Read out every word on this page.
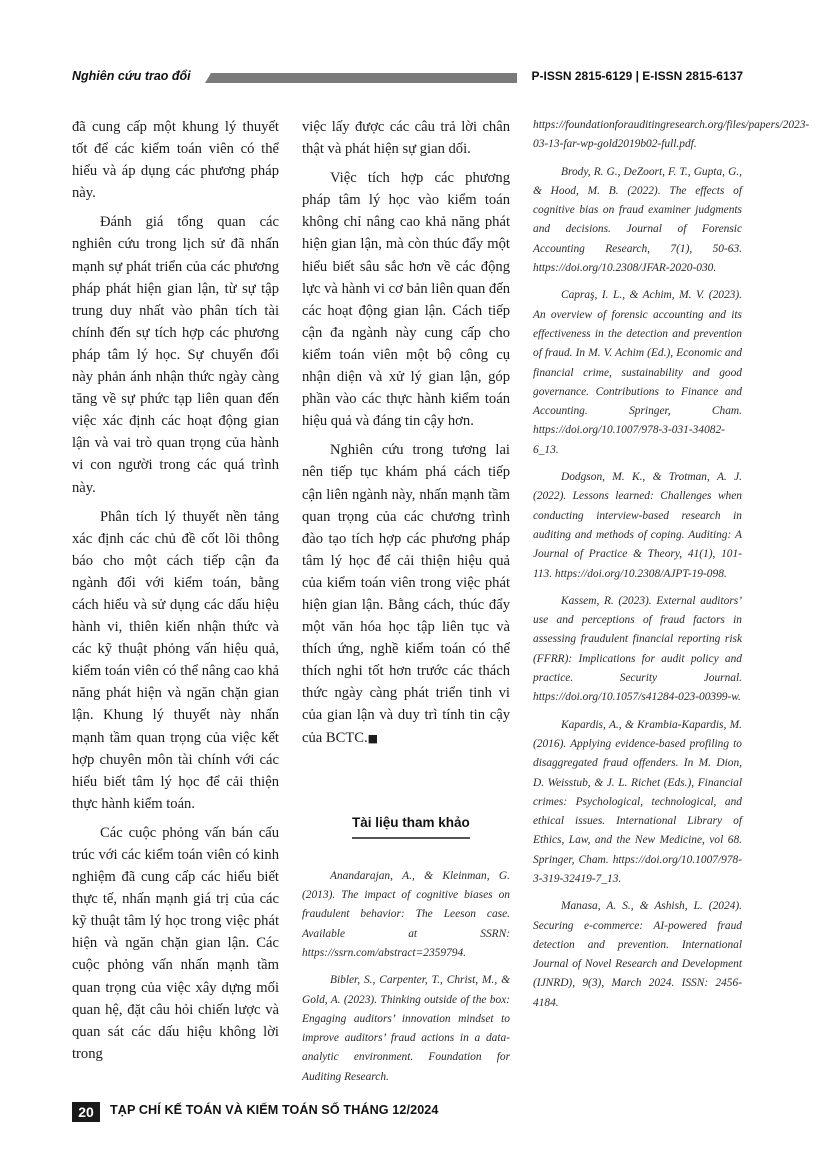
Nghiên cứu trao đổi	P-ISSN 2815-6129 | E-ISSN 2815-6137

đã cung cấp một khung lý thuyết tốt để các kiểm toán viên có thể hiểu và áp dụng các phương pháp này.

Đánh giá tổng quan các nghiên cứu trong lịch sử đã nhấn mạnh sự phát triển của các phương pháp phát hiện gian lận, từ sự tập trung duy nhất vào phân tích tài chính đến sự tích hợp các phương pháp tâm lý học. Sự chuyển đổi này phản ánh nhận thức ngày càng tăng về sự phức tạp liên quan đến việc xác định các hoạt động gian lận và vai trò quan trọng của hành vi con người trong các quá trình này.

Phân tích lý thuyết nền tảng xác định các chủ đề cốt lõi thông báo cho một cách tiếp cận đa ngành đối với kiểm toán, bằng cách hiểu và sử dụng các dấu hiệu hành vi, thiên kiến nhận thức và các kỹ thuật phỏng vấn hiệu quả, kiểm toán viên có thể nâng cao khả năng phát hiện và ngăn chặn gian lận. Khung lý thuyết này nhấn mạnh tầm quan trọng của việc kết hợp chuyên môn tài chính với các hiểu biết tâm lý học để cải thiện thực hành kiểm toán.

Các cuộc phỏng vấn bán cấu trúc với các kiểm toán viên có kinh nghiệm đã cung cấp các hiểu biết thực tế, nhấn mạnh giá trị của các kỹ thuật tâm lý học trong việc phát hiện và ngăn chặn gian lận. Các cuộc phỏng vấn nhấn mạnh tầm quan trọng của việc xây dựng mối quan hệ, đặt câu hỏi chiến lược và quan sát các dấu hiệu không lời trong

việc lấy được các câu trả lời chân thật và phát hiện sự gian dối.

Việc tích hợp các phương pháp tâm lý học vào kiểm toán không chỉ nâng cao khả năng phát hiện gian lận, mà còn thúc đẩy một hiểu biết sâu sắc hơn về các động lực và hành vi cơ bản liên quan đến các hoạt động gian lận. Cách tiếp cận đa ngành này cung cấp cho kiểm toán viên một bộ công cụ nhận diện và xử lý gian lận, góp phần vào các thực hành kiểm toán hiệu quả và đáng tin cậy hơn.

Nghiên cứu trong tương lai nên tiếp tục khám phá cách tiếp cận liên ngành này, nhấn mạnh tầm quan trọng của các chương trình đào tạo tích hợp các phương pháp tâm lý học để cải thiện hiệu quả của kiểm toán viên trong việc phát hiện gian lận. Bằng cách, thúc đẩy một văn hóa học tập liên tục và thích ứng, nghề kiểm toán có thể thích nghi tốt hơn trước các thách thức ngày càng phát triển tinh vi của gian lận và duy trì tính tin cậy của BCTC.■

Tài liệu tham khảo

Anandarajan, A., & Kleinman, G. (2013). The impact of cognitive biases on fraudulent behavior: The Leeson case. Available at SSRN: https://ssrn.com/abstract=2359794.

Bibler, S., Carpenter, T., Christ, M., & Gold, A. (2023). Thinking outside of the box: Engaging auditors’ innovation mindset to improve auditors’ fraud actions in a data-analytic environment. Foundation for Auditing Research.

https://foundationforauditingresearch.org/files/papers/2023-03-13-far-wp-gold2019b02-full.pdf.

Brody, R. G., DeZoort, F. T., Gupta, G., & Hood, M. B. (2022). The effects of cognitive bias on fraud examiner judgments and decisions. Journal of Forensic Accounting Research, 7(1), 50-63. https://doi.org/10.2308/JFAR-2020-030.

Capraş, I. L., & Achim, M. V. (2023). An overview of forensic accounting and its effectiveness in the detection and prevention of fraud. In M. V. Achim (Ed.), Economic and financial crime, sustainability and good governance. Contributions to Finance and Accounting. Springer, Cham. https://doi.org/10.1007/978-3-031-34082-6_13.

Dodgson, M. K., & Trotman, A. J. (2022). Lessons learned: Challenges when conducting interview-based research in auditing and methods of coping. Auditing: A Journal of Practice & Theory, 41(1), 101-113. https://doi.org/10.2308/AJPT-19-098.

Kassem, R. (2023). External auditors’ use and perceptions of fraud factors in assessing fraudulent financial reporting risk (FFRR): Implications for audit policy and practice. Security Journal. https://doi.org/10.1057/s41284-023-00399-w.

Kapardis, A., & Krambia-Kapardis, M. (2016). Applying evidence-based profiling to disaggregated fraud offenders. In M. Dion, D. Weisstub, & J. L. Richet (Eds.), Financial crimes: Psychological, technological, and ethical issues. International Library of Ethics, Law, and the New Medicine, vol 68. Springer, Cham. https://doi.org/10.1007/978-3-319-32419-7_13.

Manasa, A. S., & Ashish, L. (2024). Securing e-commerce: AI-powered fraud detection and prevention. International Journal of Novel Research and Development (IJNRD), 9(3), March 2024. ISSN: 2456-4184.

20	TẠP CHÍ KẾ TOÁN VÀ KIỂM TOÁN SỐ THÁNG 12/2024
